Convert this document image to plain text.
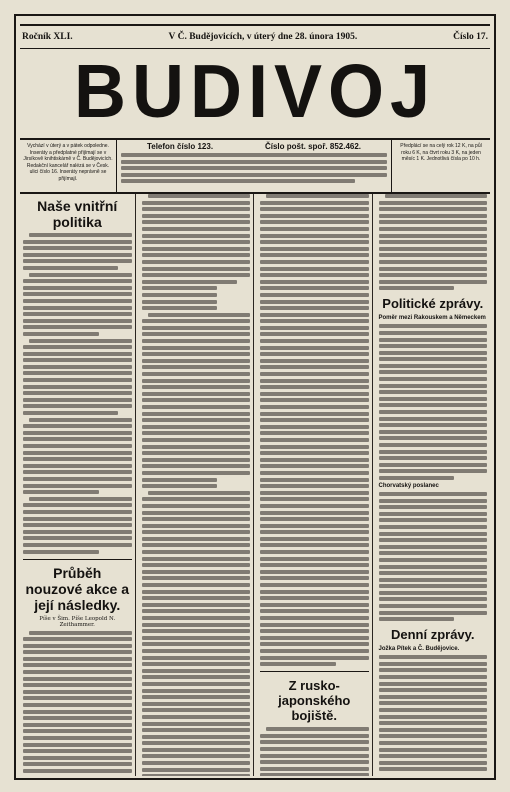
Ročník XLI.	V Č. Budějovicích, v úterý dne 28. února 1905.	Číslo 17.
BUDIVOJ
Vychází v úterý a v pátek odpoledne. Inseráty a předplatné přijímají se v Jirsíkově knihtiskárně v Č. Budějovicích. Redakční kancelář nalézá se v Česk. ulici číslo 16. Inseráty neprávně se přijímají.
Telefon číslo 123.	Číslo pošt. spoř. 852.462.	Předplácí se na celý rok 12 K, na půl roku 6 K, na čtvrt roku 3 K, na jeden měsíc 1 K. Jednotlivá čísla po 10 h.
Naše vnitřní politika
Průběh nouzové akce a její následky.
Píše v Šim. Píše Leopold N. Zeithammer.
Z rusko-japonského bojiště.
Politické zprávy.
Poměr mezi Rakouskem a Německem
Chorvatský poslanec
Denní zprávy.
Jožka Pítek a Č. Budějovice.
